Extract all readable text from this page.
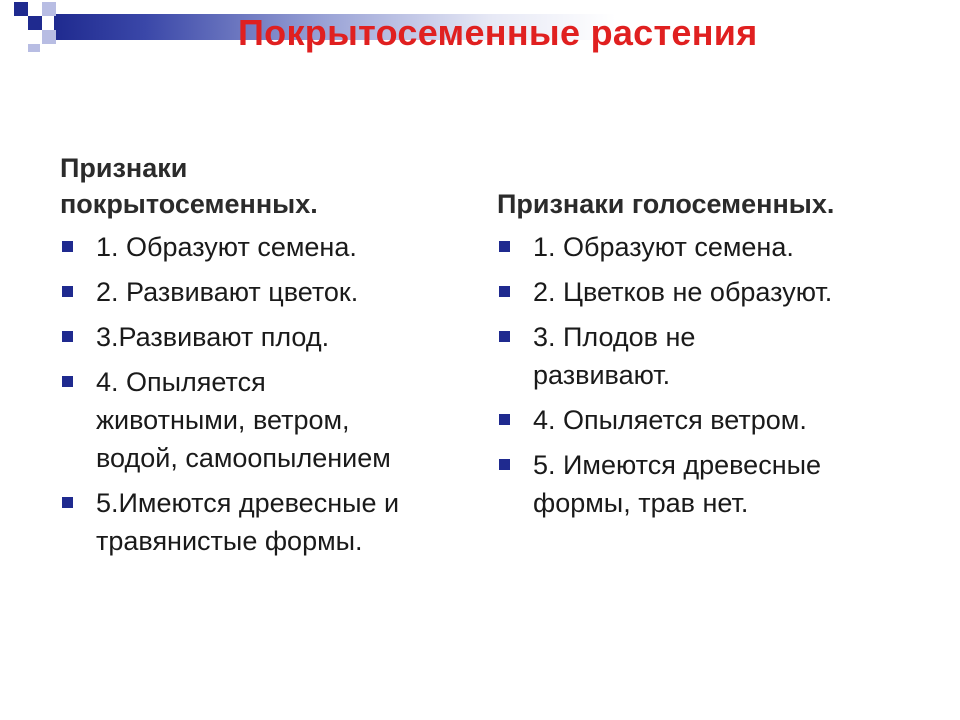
Покрытосеменные растения
Признаки
покрытосеменных.
1. Образуют семена.
2. Развивают цветок.
3.Развивают плод.
4. Опыляется
животными, ветром,
водой, самоопылением
5.Имеются древесные и
травянистые формы.
Признаки голосеменных.
1. Образуют семена.
2. Цветков не образуют.
3. Плодов не
развивают.
4. Опыляется ветром.
5. Имеются древесные
формы, трав нет.
